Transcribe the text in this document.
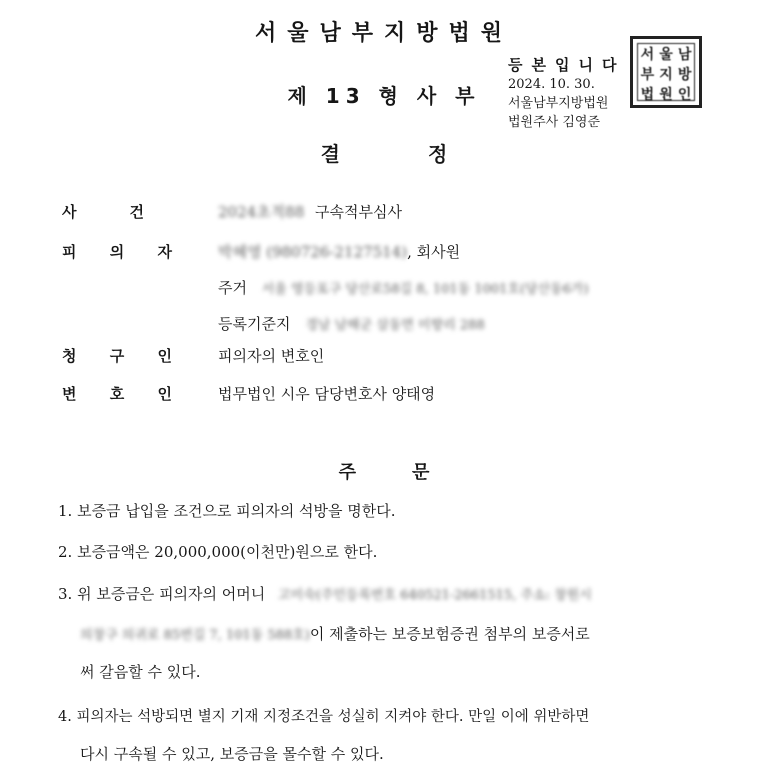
서울남부지방법원
제 13 형 사 부
등본입니다
2024. 10. 30.
서울남부지방법원
법원주사 김영준
서 울 남
부 지 방
법 원 인
결	정
사	건	2024초적88 구속적부심사
피 의 자	박혜영 (980726-2127514), 회사원
주거 서울 영등포구 당산로58길 8, 101동 1001호(당산동6가)
등록기준지 경남 남해군 삼동면 미향리 288
청 구 인	피의자의 변호인
변 호 인	법무법인 시우 담당변호사 양태영
주	문
1. 보증금 납입을 조건으로 피의자의 석방을 명한다.
2. 보증금액은 20,000,000(이천만)원으로 한다.
3. 위 보증금은 피의자의 어머니 고미숙(주민등록번호 640521-2661515, 주소: 창원시
의창구 의귀로 85번길 7, 101동 588호)이 제출하는 보증보험증권 첨부의 보증서로
써 갈음할 수 있다.
4. 피의자는 석방되면 별지 기재 지정조건을 성실히 지켜야 한다. 만일 이에 위반하면
다시 구속될 수 있고, 보증금을 몰수할 수 있다.
